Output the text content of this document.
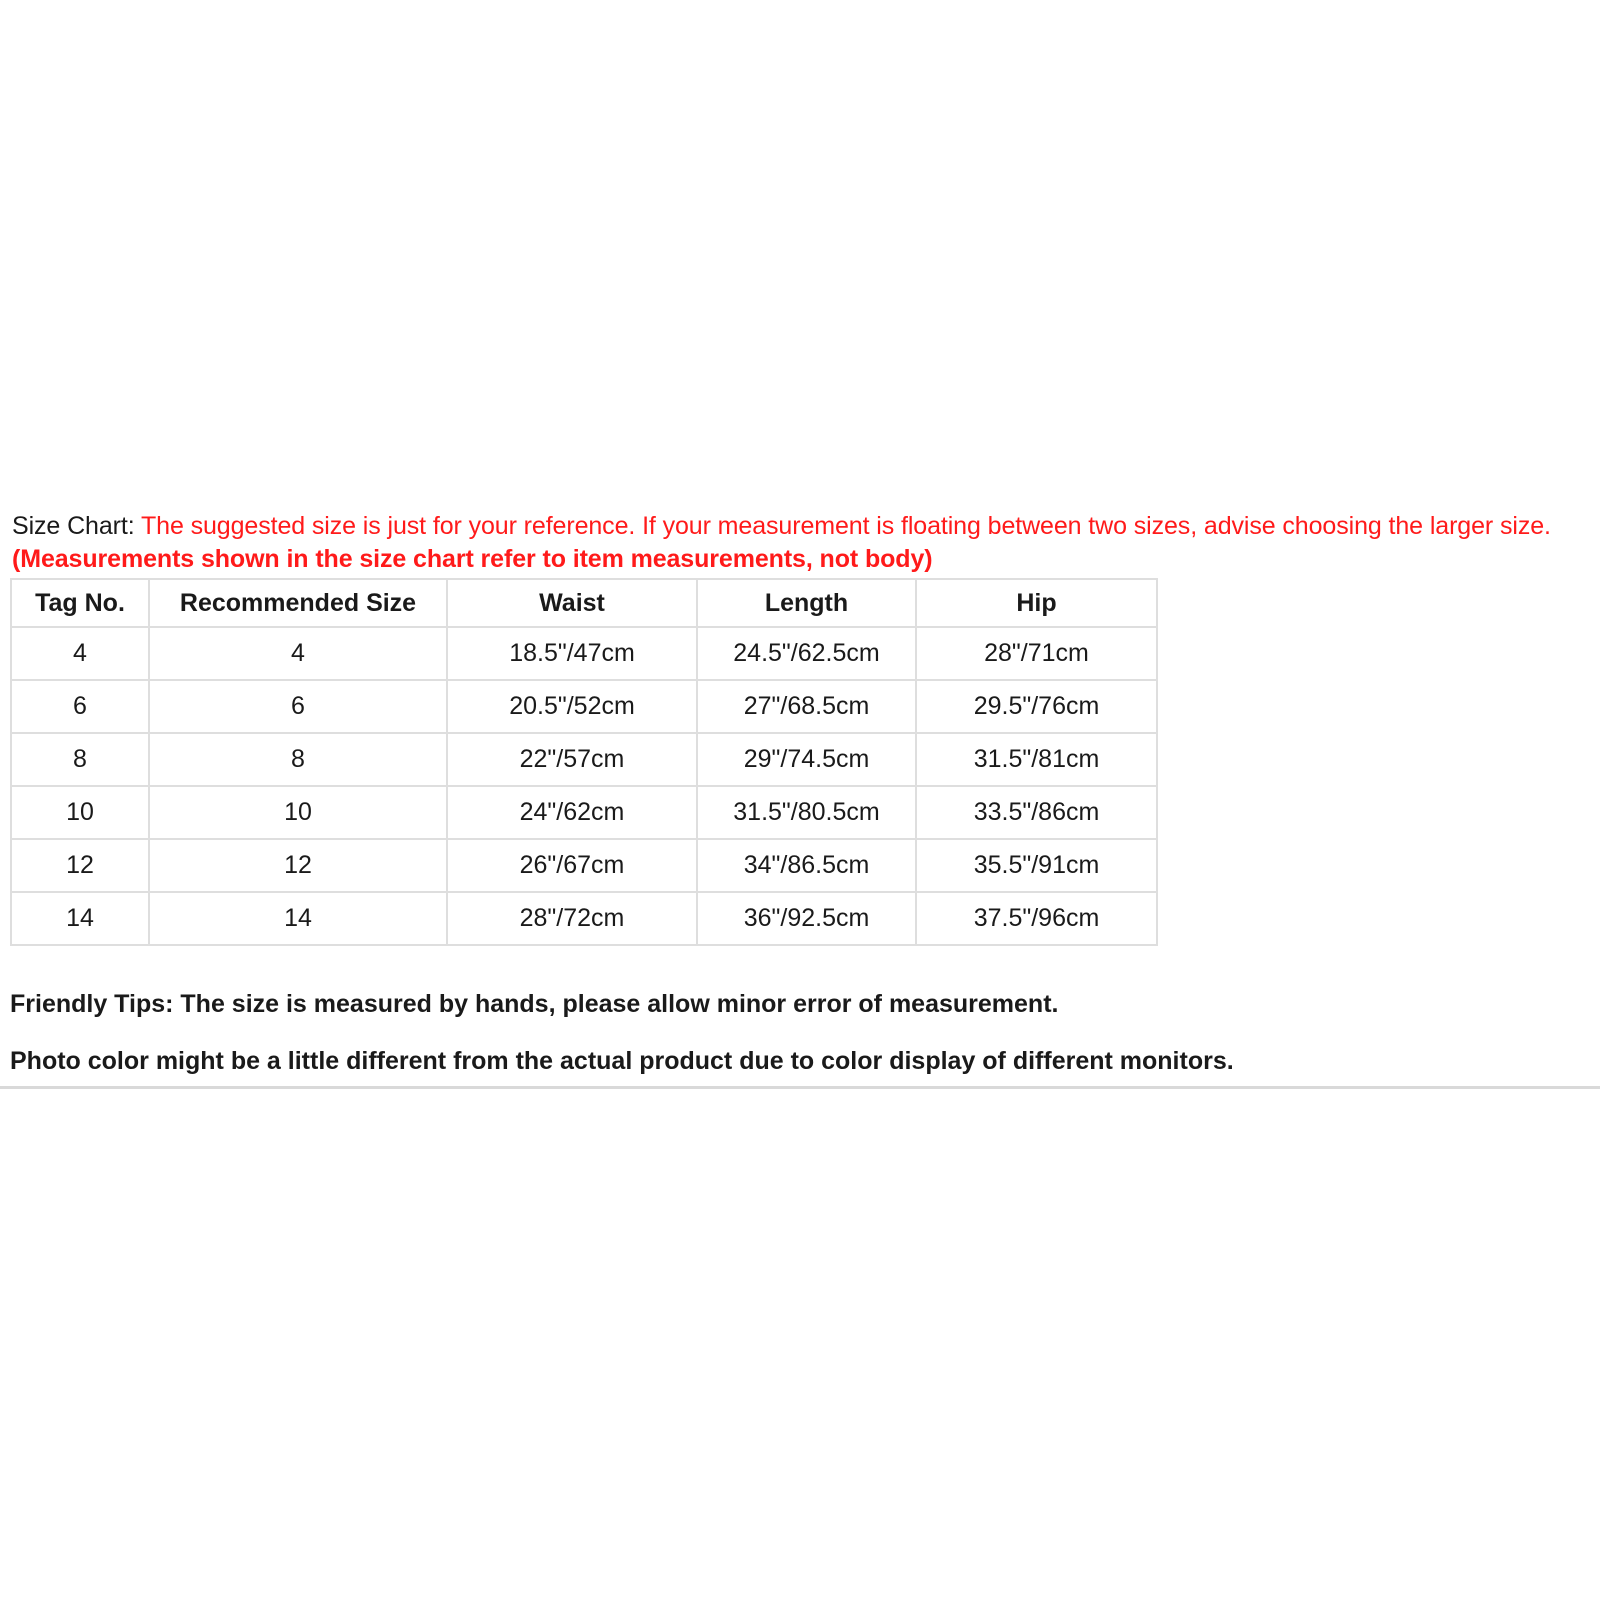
Size Chart: The suggested size is just for your reference. If your measurement is floating between two sizes, advise choosing the larger size.
(Measurements shown in the size chart refer to item measurements, not body)

Tag No.	Recommended Size	Waist	Length	Hip
4	4	18.5"/47cm	24.5"/62.5cm	28"/71cm
6	6	20.5"/52cm	27"/68.5cm	29.5"/76cm
8	8	22"/57cm	29"/74.5cm	31.5"/81cm
10	10	24"/62cm	31.5"/80.5cm	33.5"/86cm
12	12	26"/67cm	34"/86.5cm	35.5"/91cm
14	14	28"/72cm	36"/92.5cm	37.5"/96cm

Friendly Tips: The size is measured by hands, please allow minor error of measurement.

Photo color might be a little different from the actual product due to color display of different monitors.
